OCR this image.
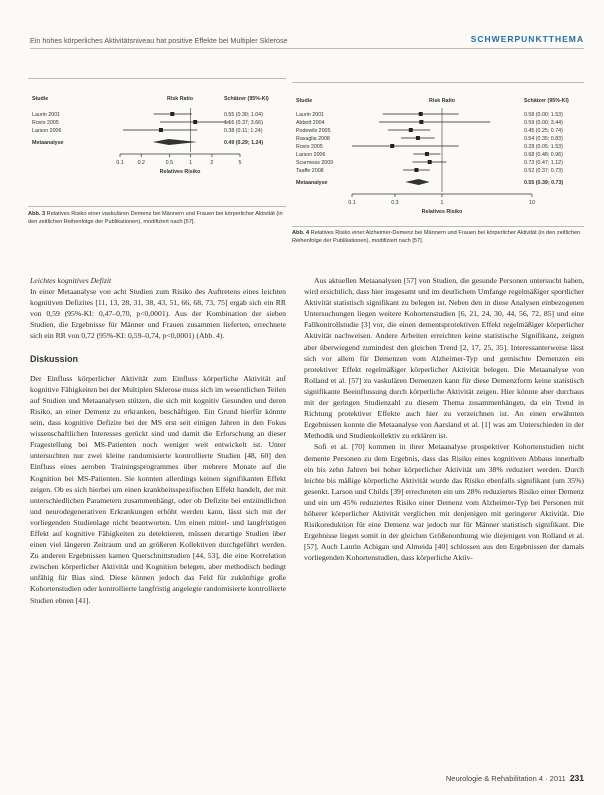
Ein hohes körperliches Aktivitätsniveau hat positive Effekte bei Multipler Sklerose	SCHWERPUNKTTHEMA
Studie	Risk Ratio	Schätzer (95%-KI)
Laurin 2001	0.55 (0.30; 1.04)
Rovio 2005	1.16 (0.37; 3.66)
Larson 2006	0.38 (0.11; 1.24)
Metaanalyse	0.49 (0.29; 1.24)
0.1	0.2	0.5	1	2	5
Relatives Risiko
Abb. 3 Relatives Risiko einer vaskulären Demenz bei Männern und Frauen bei körperlicher Aktivität (in den zeitlichen Reihenfolge der Publikationen), modifiziert nach [57].
Studie	Risk Ratio	Schätzer (95%-KI)
Laurin 2001	0.58 (0.00; 1.53)
Abbott 2004	0.59 (0.00; 3.44)
Podewils 2005	0.45 (0.25; 0.74)
Ravaglia 2008	0.54 (0.35; 0.83)
Rovio 2005	0.28 (0.05; 1.53)
Larson 2006	0.68 (0.48; 0.96)
Scarmeas 2009	0.73 (0.47; 1.12)
Taaffe 2008	0.52 (0.37; 0.73)
Metaanalyse	0.55 (0.39; 0.73)
0.1	0.3	1	10
Relatives Risiko
Abb. 4 Relatives Risiko einer Alzheimer-Demenz bei Männern und Frauen bei körperlicher Aktivität (in den zeitlichen Reihenfolge der Publikationen), modifiziert nach [57].

Leichtes kognitives Defizit

In einer Metaanalyse von acht Studien zum Risiko des Auftretens eines leichten kognitiven Defizites [11, 13, 28, 31, 38, 43, 51, 66, 68, 73, 75] ergab sich ein RR von 0,59 (95%-KI: 0,47–0,70, p<0,0001). Aus der Kombination der sieben Studien, die Ergebnisse für Männer und Frauen zusammen lieferten, errechnete sich ein RR von 0,72 (95%-KI: 0,59–0,74, p<0,0001) (Abb. 4).

Diskussion

Der Einfluss körperlicher Aktivität zum Einfluss körperliche Aktivität auf kognitive Fähigkeiten bei der Multiplen Sklerose muss sich im wesentlichen Teilen auf Studien und Metaanalysen stützen, die sich mit kognitiv Gesunden und deren Risiko, an einer Demenz zu erkranken, beschäftigen. Ein Grund hierfür könnte sein, dass kognitive Defizite bei der MS erst seit einigen Jahren in den Fokus wissenschaftlichen Interesses gerückt sind und damit die Erforschung an dieser Fragestellung bei MS-Patienten noch weniger weit entwickelt ist. Unter untersuchten nur zwei kleine randomisierte kontrollierte Studien [48, 60] den Einfluss eines aeroben Trainingsprogrammes über mehrere Monate auf die Kognition bei MS-Patienten. Sie konnten allerdings keinen signifikanten Effekt zeigen. Ob es sich hierbei um einen krankheitsspezifischen Effekt handelt, der mit unterschiedlichen Parametern zusammenhängt, oder ob Defizite bei entzündlichen und neurodegenerativen Erkrankungen erhöht werden kann, lässt sich mit der vorliegenden Studienlage nicht beantworten. Um einen mittel- und langfristigen Effekt auf kognitive Fähigkeiten zu detektieren, müssen derartige Studien über einen viel längeren Zeitraum und an größeren Kollektiven durchgeführt werden. Zu anderen Ergebnissen kamen Querschnittstudien [44, 53], die eine Korrelation zwischen körperlicher Aktivität und Kognition belegen, aber methodisch bedingt unfähig für Bias sind. Diese können jedoch das Feld für zukünftige große Kohortenstudien oder kontrollierte langfristig angelegte randomisierte kontrollierte Studien ebnen [41].

Aus aktuellen Metaanalysen [57] von Studien, die gesunde Personen untersucht haben, wird ersichtlich, dass hier insgesamt und im deutlichem Umfange regelmäßiger sportlicher Aktivität statistisch signifikant zu belegen ist. Neben den in diese Analysen einbezogenen Untersuchungen liegen weitere Kohortenstudien [6, 21, 24, 30, 44, 56, 72, 85] und eine Fallkontrollstudie [3] vor, die einen dementsprotektiven Effekt regelmäßiger körperlicher Aktivität nachweisen. Andere Arbeiten erreichten keine statistische Signifikanz, zeigten aber überwiegend zumindest den gleichen Trend [2, 17, 25, 35]. Interessanterweise lässt sich vor allem für Demenzen vom Alzheimer-Typ und gemischte Demenzen ein protektiver Effekt regelmäßiger körperlicher Aktivität belegen. Die Metaanalyse von Rolland et al. [57] zu vaskulären Demenzen kann für diese Demenzform keine statistisch signifikante Beeinflussung durch körperliche Aktivität zeigen. Hier könnte aber durchaus mit der geringen Studienzahl zu diesem Thema zusammenhängen, da ein Trend in Richtung protektiver Effekte auch hier zu verzeichnen ist. An einen erwähnten Ergebnissen konnte die Metaanalyse von Aarsland et al. [1] was am Unterschieden in der Methodik und Studienkollektiv zu erklären ist.

Sofi et al. [70] kommen in ihrer Metaanalyse prospektiver Kohortenstudien nicht demente Personen zu dem Ergebnis, dass das Risiko eines kognitiven Abbaus innerhalb ein bis zehn Jahren bei hoher körperlicher Aktivität um 38% reduziert werden. Durch leichte bis mäßige körperliche Aktivität wurde das Risiko ebenfalls signifikant (um 35%) gesenkt. Larson und Childs [39] errechneten ein um 28% reduziertes Risiko einer Demenz und ein um 45% reduziertes Risiko einer Demenz vom Alzheimer-Typ bei Personen mit höherer körperlicher Aktivität verglichen mit denjenigen mit geringerer Aktivität. Die Risikoreduktion für eine Demenz war jedoch nur für Männer statistisch signifikant. Die Ergebnisse liegen somit in der gleichen Größenordnung wie diejenigen von Rolland et al. [57]. Auch Laurin Achigan und Almeida [40] schlossen aus den Ergebnissen der damals vorliegenden Kohortenstudien, dass körperliche Aktiv-

Neurologie & Rehabilitation 4 · 2011 231
